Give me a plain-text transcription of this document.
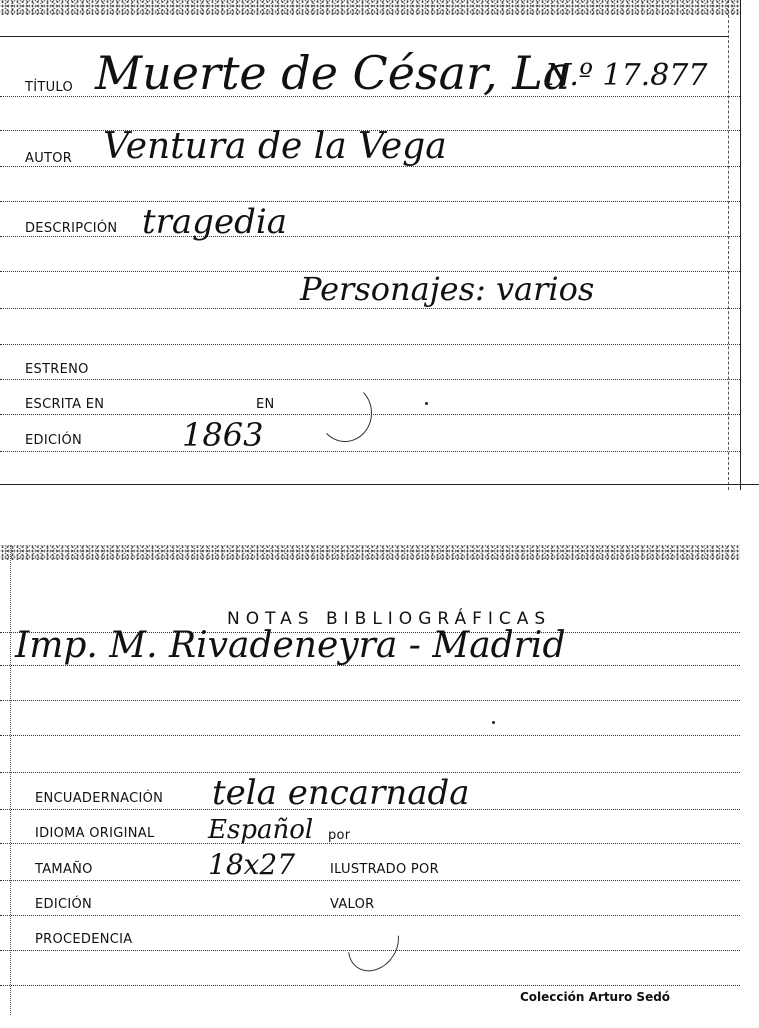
TÍTULO Muerte de César, La
N.º 17.877
AUTOR Ventura de la Vega
DESCRIPCIÓN tragedia
Personajes: varios
ESTRENO
ESCRITA EN	EN
EDICIÓN	1863
NOTAS BIBLIOGRÁFICAS
Imp. M. Rivadeneyra - Madrid
ENCUADERNACIÓN tela encarnada
IDIOMA ORIGINAL Español por
TAMAÑO	18x27	ILUSTRADO POR
EDICIÓN	VALOR
PROCEDENCIA
Colección Arturo Sedó
